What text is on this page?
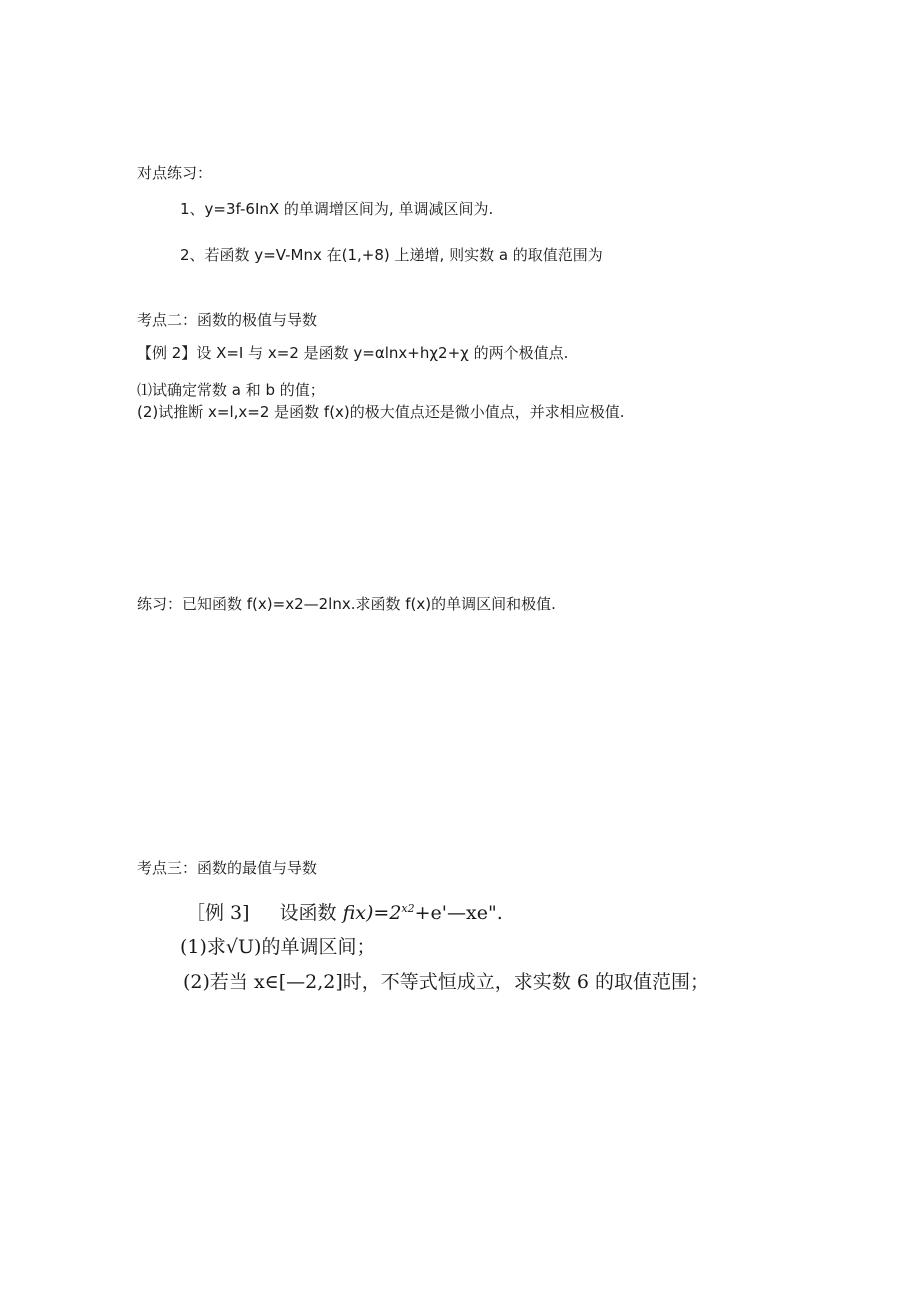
对点练习：
1、y=3f-6InX 的单调增区间为, 单调减区间为.
2、若函数 y=V-Mnx 在(1,+8) 上递增, 则实数 a 的取值范围为
考点二：函数的极值与导数
【例 2】设 X=I 与 x=2 是函数 y=αlnx+hχ2+χ 的两个极值点.
⑴试确定常数 a 和 b 的值；
(2)试推断 x=l,x=2 是函数 f(x)的极大值点还是微小值点，并求相应极值.
练习：已知函数 f(x)=x2—2lnx.求函数 f(x)的单调区间和极值.
考点三：函数的最值与导数
［例 3] 设函数 $fix)=2^{x2}+e'—xe$".
(1)求√U)的单调区间；
(2)若当 x∈[—2,2]时，不等式恒成立，求实数 6 的取值范围；
